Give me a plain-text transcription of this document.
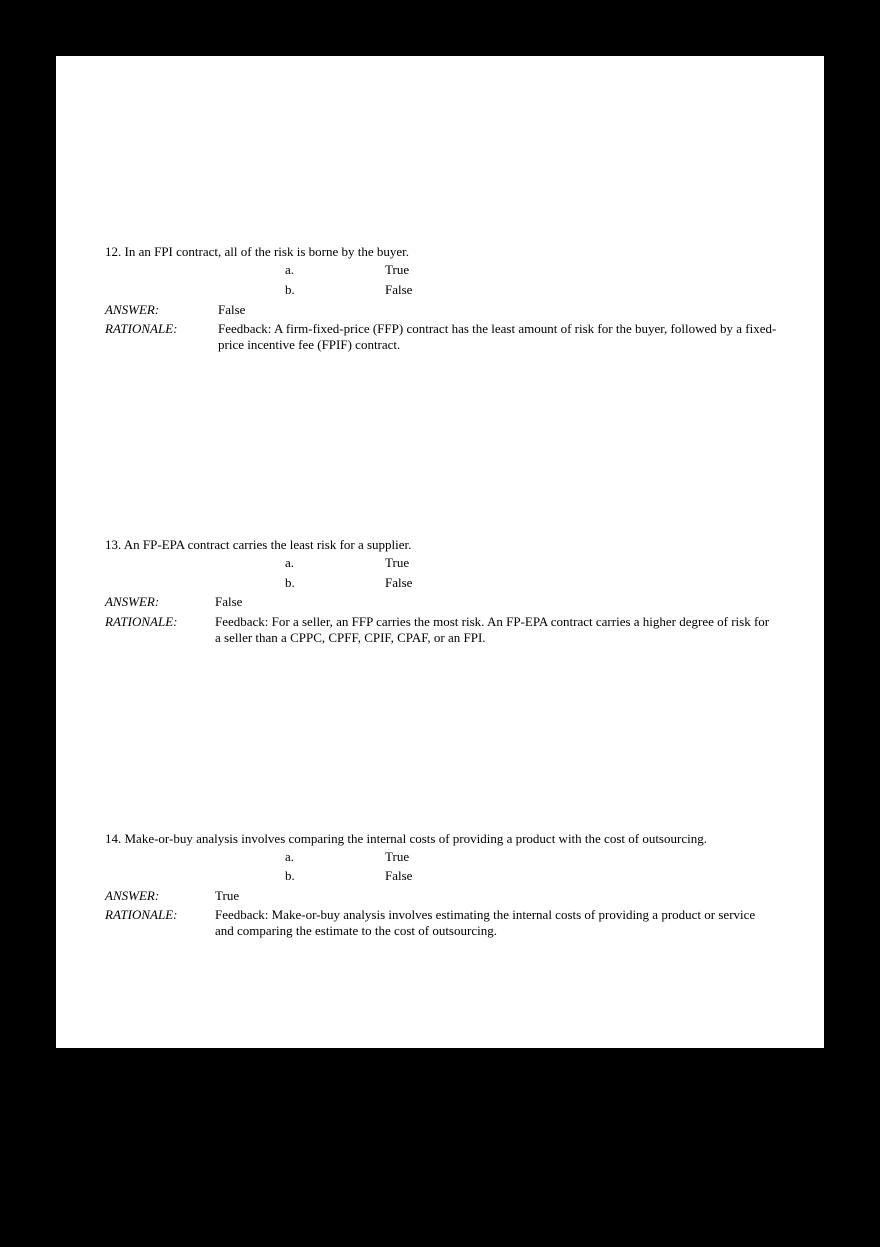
12. In an FPI contract, all of the risk is borne by the buyer.
a.	True
b.	False
ANSWER:	False
RATIONALE:	Feedback: A firm-fixed-price (FFP) contract has the least amount of risk for the buyer, followed by a fixed-price incentive fee (FPIF) contract.
13. An FP-EPA contract carries the least risk for a supplier.
a.	True
b.	False
ANSWER:	False
RATIONALE:	Feedback: For a seller, an FFP carries the most risk. An FP-EPA contract carries a higher degree of risk for a seller than a CPPC, CPFF, CPIF, CPAF, or an FPI.
14. Make-or-buy analysis involves comparing the internal costs of providing a product with the cost of outsourcing.
a.	True
b.	False
ANSWER:	True
RATIONALE:	Feedback: Make-or-buy analysis involves estimating the internal costs of providing a product or service and comparing the estimate to the cost of outsourcing.
